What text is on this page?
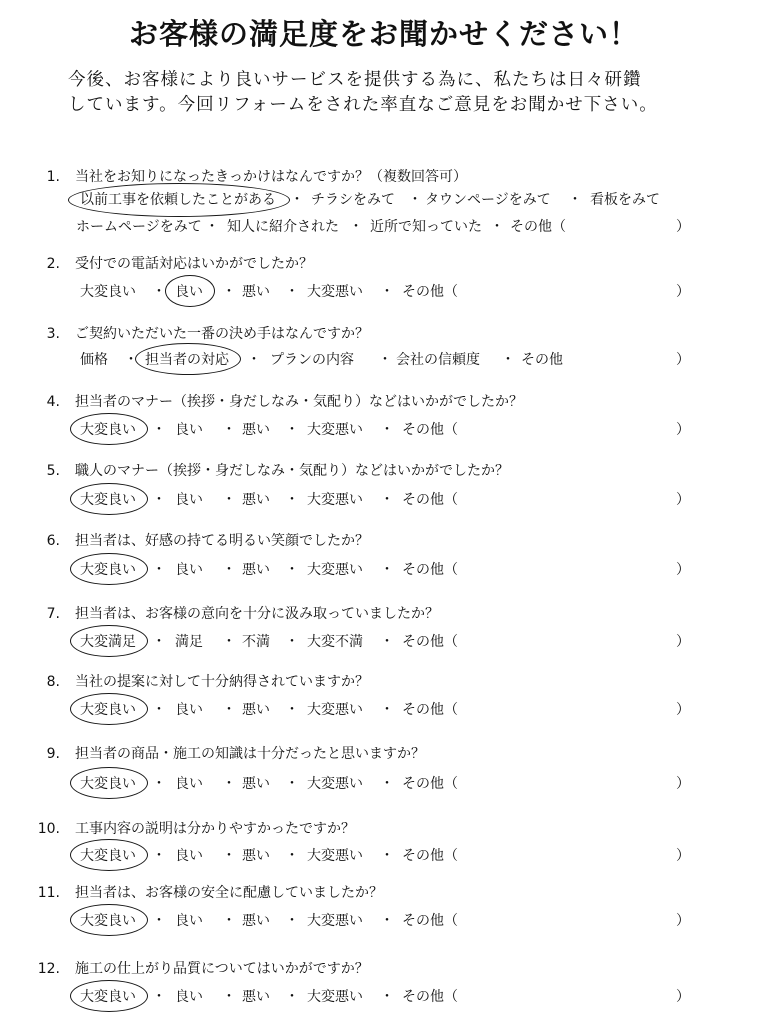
お客様の満足度をお聞かせください！
今後、お客様により良いサービスを提供する為に、私たちは日々研鑽
しています。今回リフォームをされた率直なご意見をお聞かせ下さい。
1. 当社をお知りになったきっかけはなんですか？（複数回答可）
以前工事を依頼したことがある	チラシをみて タウンページをみて	看板をみて
・	・	・
ホームページをみて 知人に紹介された 近所で知っていた その他（
・	・	・	）
2. 受付での電話対応はいかがでしたか？
大変良い	良い	悪い	大変悪い	その他（
・	・	・	・	）
3. ご契約いただいた一番の決め手はなんですか？
価格	担当者の対応	プランの内容	会社の信頼度	その他
・	・	・	・	）
4. 担当者のマナー（挨拶・身だしなみ・気配り）などはいかがでしたか？
大変良い	良い	悪い	大変悪い	その他（
・	・	・	・	）
5. 職人のマナー（挨拶・身だしなみ・気配り）などはいかがでしたか？
大変良い	良い	悪い	大変悪い	その他（
・	・	・	・	）
6. 担当者は、好感の持てる明るい笑顔でしたか？
大変良い	良い	悪い	大変悪い	その他（
・	・	・	・	）
7. 担当者は、お客様の意向を十分に汲み取っていましたか？
大変満足	満足	不満	大変不満	その他（
・	・	・	・	）
8. 当社の提案に対して十分納得されていますか？
大変良い	良い	悪い	大変悪い	その他（
・	・	・	・	）
9. 担当者の商品・施工の知識は十分だったと思いますか？
大変良い	良い	悪い	大変悪い	その他（
・	・	・	・	）
10. 工事内容の説明は分かりやすかったですか？
大変良い	良い	悪い	大変悪い	その他（
・	・	・	・	）
11. 担当者は、お客様の安全に配慮していましたか？
大変良い	良い	悪い	大変悪い	その他（
・	・	・	・	）
12. 施工の仕上がり品質についてはいかがですか？
大変良い	良い	悪い	大変悪い	その他（
・	・	・	・	）
